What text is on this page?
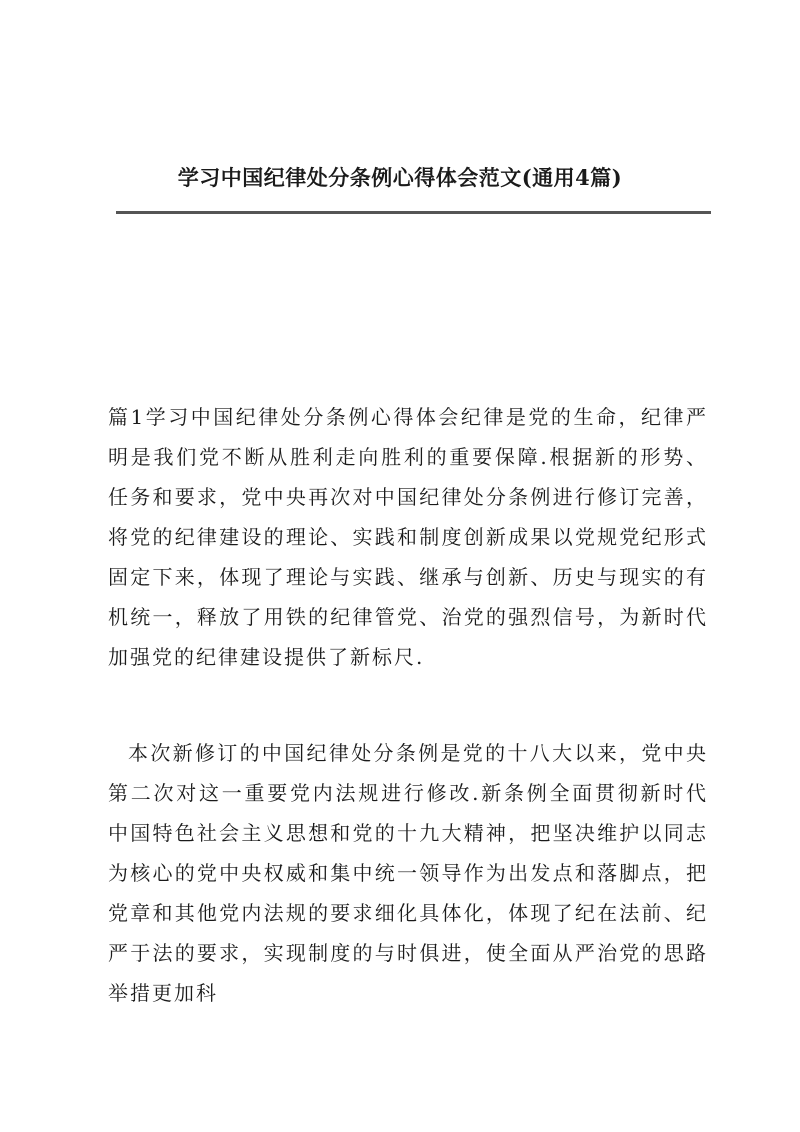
学习中国纪律处分条例心得体会范文(通用4篇)

篇1学习中国纪律处分条例心得体会纪律是党的生命，纪律严明是我们党不断从胜利走向胜利的重要保障.根据新的形势、任务和要求，党中央再次对中国纪律处分条例进行修订完善，将党的纪律建设的理论、实践和制度创新成果以党规党纪形式固定下来，体现了理论与实践、继承与创新、历史与现实的有机统一，释放了用铁的纪律管党、治党的强烈信号，为新时代加强党的纪律建设提供了新标尺.

本次新修订的中国纪律处分条例是党的十八大以来，党中央第二次对这一重要党内法规进行修改.新条例全面贯彻新时代中国特色社会主义思想和党的十九大精神，把坚决维护以同志为核心的党中央权威和集中统一领导作为出发点和落脚点，把党章和其他党内法规的要求细化具体化，体现了纪在法前、纪严于法的要求，实现制度的与时俱进，使全面从严治党的思路举措更加科
